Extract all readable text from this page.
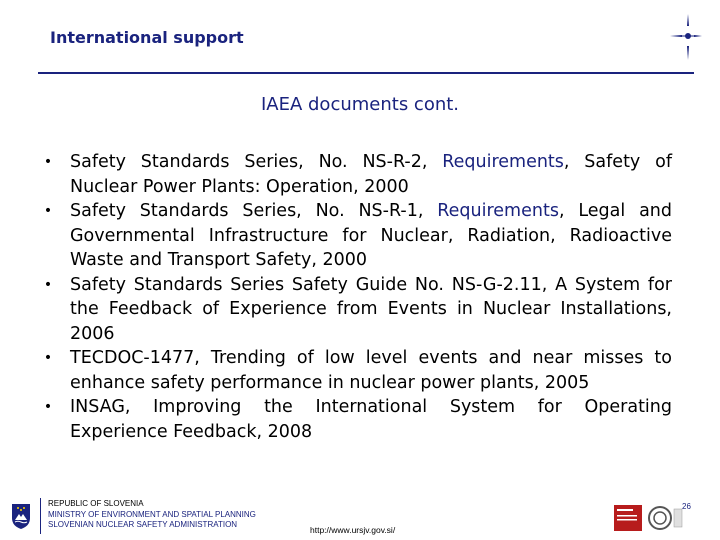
International support
IAEA documents cont.
• Safety Standards Series, No. NS-R-2, Requirements, Safety of Nuclear Power Plants: Operation, 2000
• Safety Standards Series, No. NS-R-1, Requirements, Legal and Governmental Infrastructure for Nuclear, Radiation, Radioactive Waste and Transport Safety, 2000
• Safety Standards Series Safety Guide No. NS-G-2.11, A System for the Feedback of Experience from Events in Nuclear Installations, 2006
• TECDOC-1477, Trending of low level events and near misses to enhance safety performance in nuclear power plants, 2005
• INSAG, Improving the International System for Operating Experience Feedback, 2008
REPUBLIC OF SLOVENIA
MINISTRY OF ENVIRONMENT AND SPATIAL PLANNING
SLOVENIAN NUCLEAR SAFETY ADMINISTRATION
http://www.ursjv.gov.si/
26
